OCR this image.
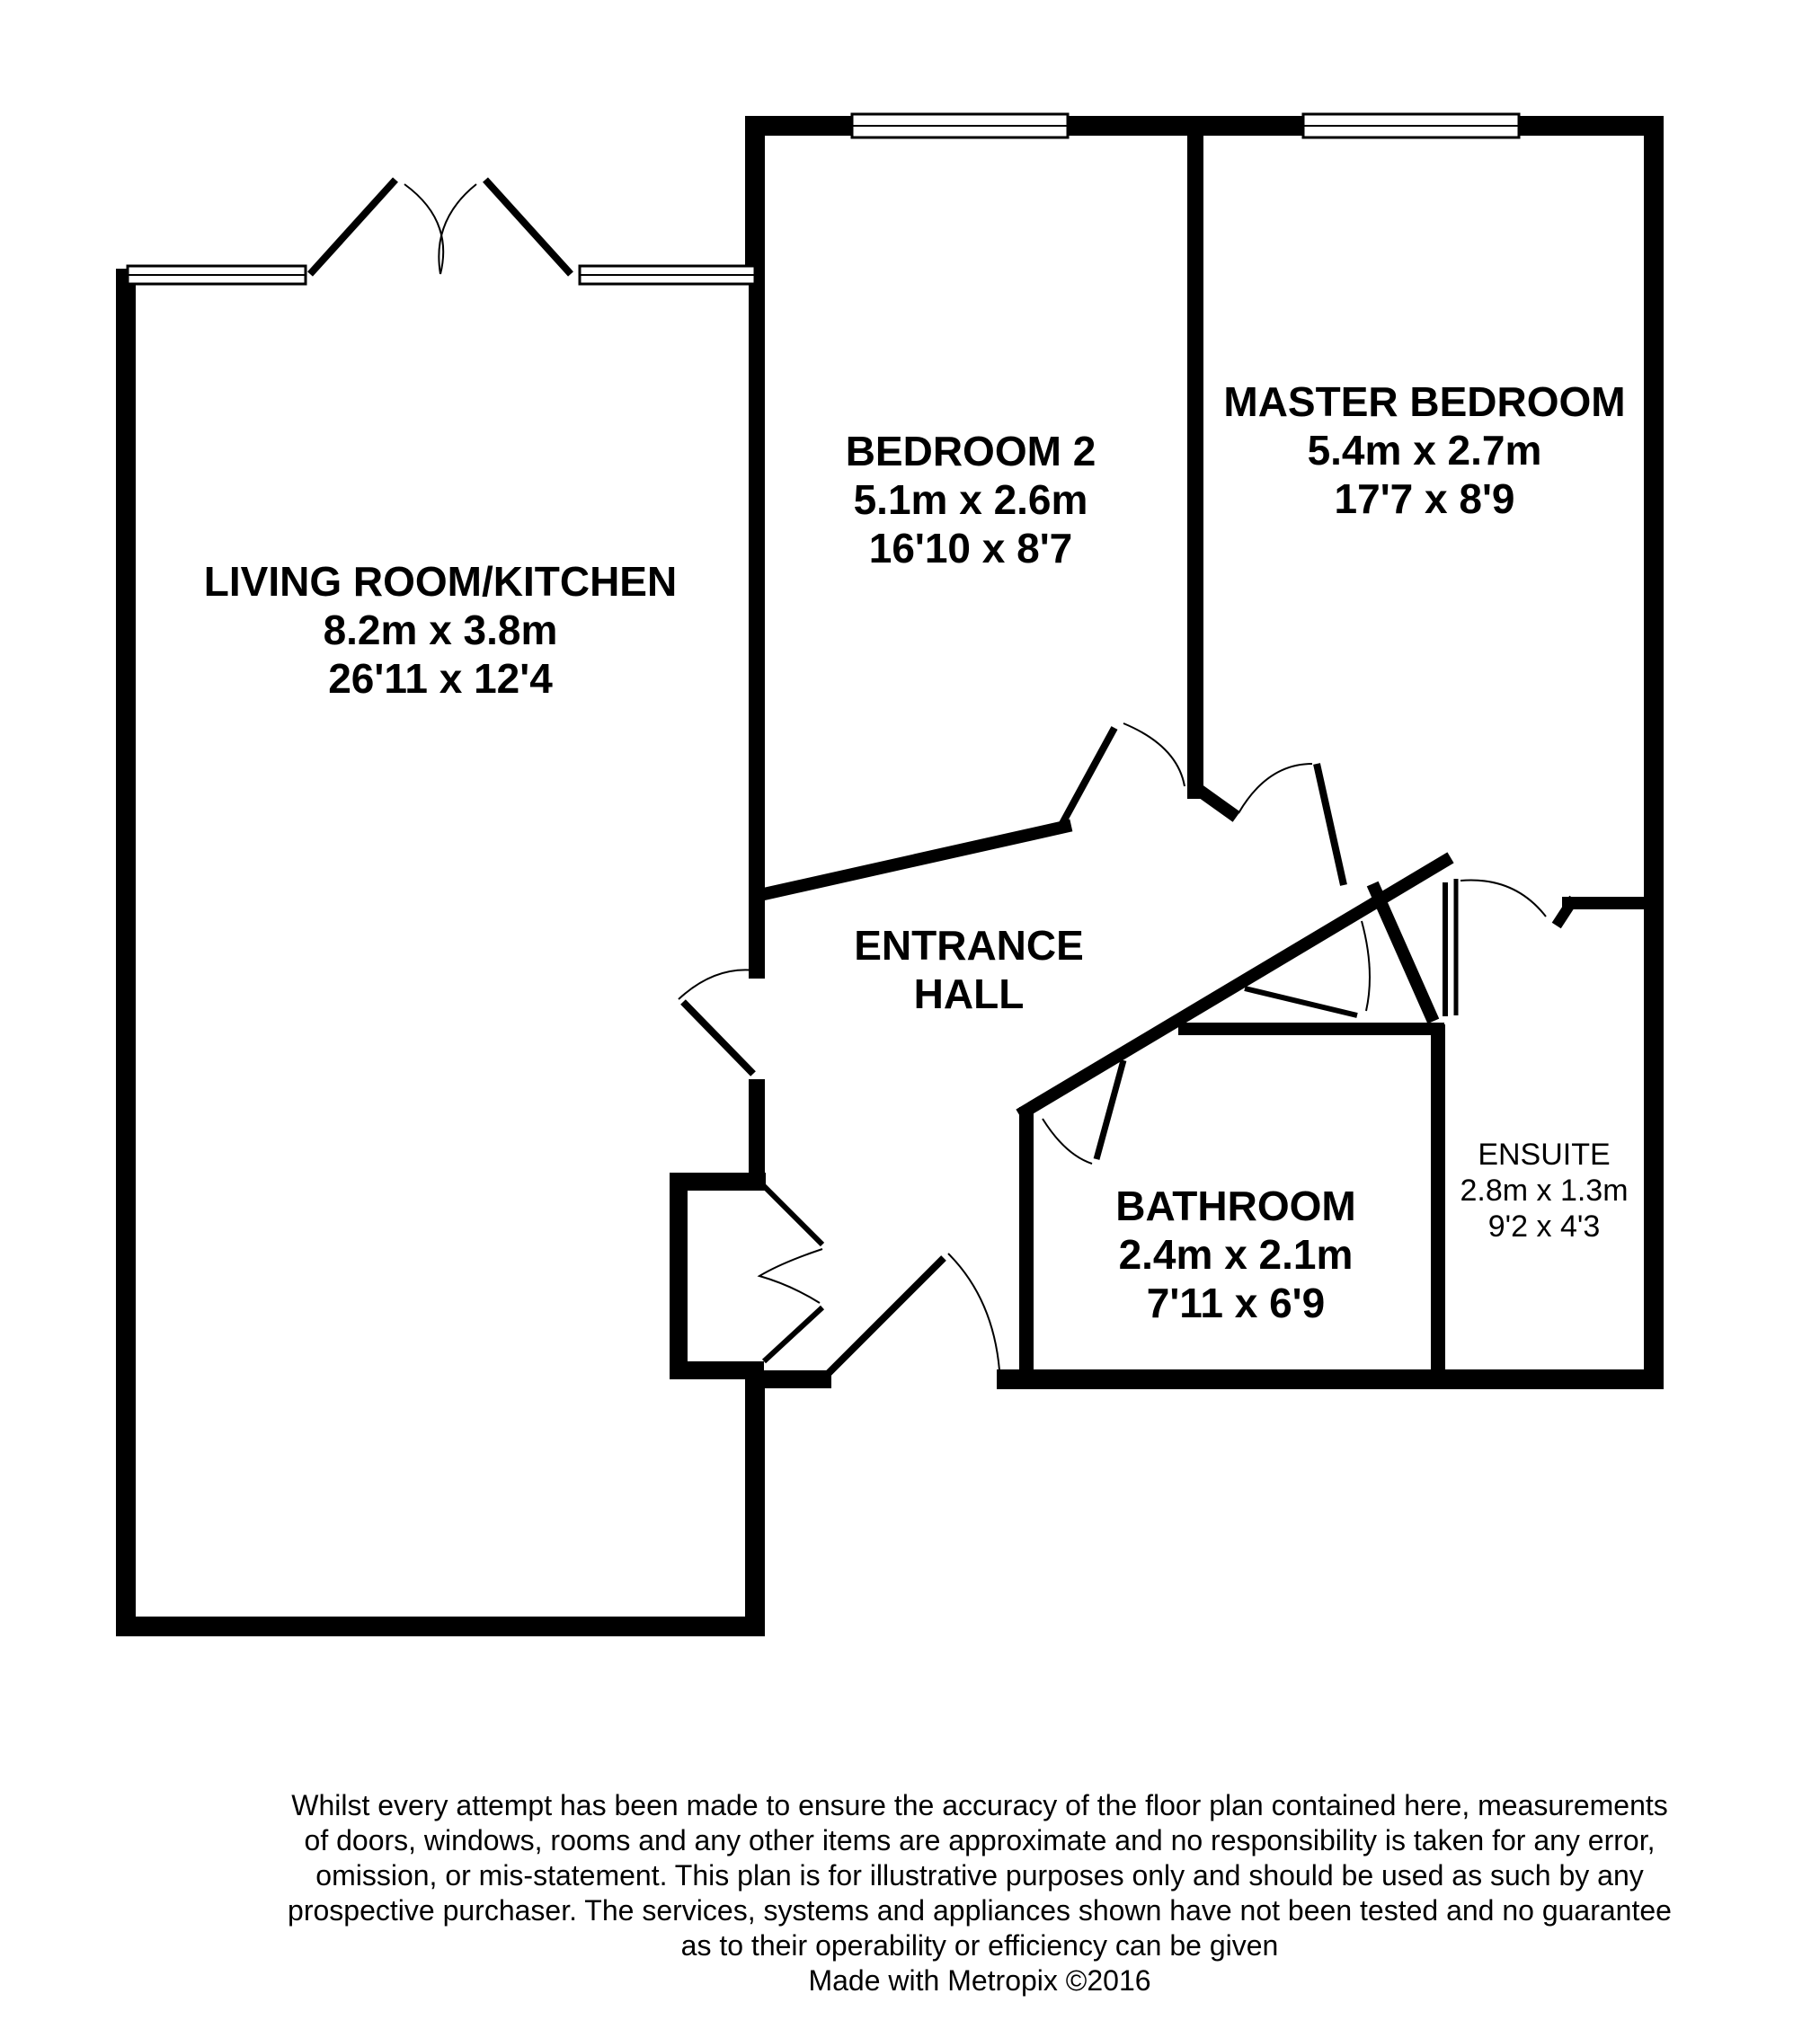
LIVING ROOM/KITCHEN
8.2m x 3.8m
26'11 x 12'4
BEDROOM 2
5.1m x 2.6m
16'10 x 8'7
MASTER BEDROOM
5.4m x 2.7m
17'7 x 8'9
ENTRANCE
HALL
BATHROOM
2.4m x 2.1m
7'11 x 6'9
ENSUITE
2.8m x 1.3m
9'2 x 4'3
Whilst every attempt has been made to ensure the accuracy of the floor plan contained here, measurements
of doors, windows, rooms and any other items are approximate and no responsibility is taken for any error,
omission, or mis-statement. This plan is for illustrative purposes only and should be used as such by any
prospective purchaser. The services, systems and appliances shown have not been tested and no guarantee
as to their operability or efficiency can be given
Made with Metropix ©2016
